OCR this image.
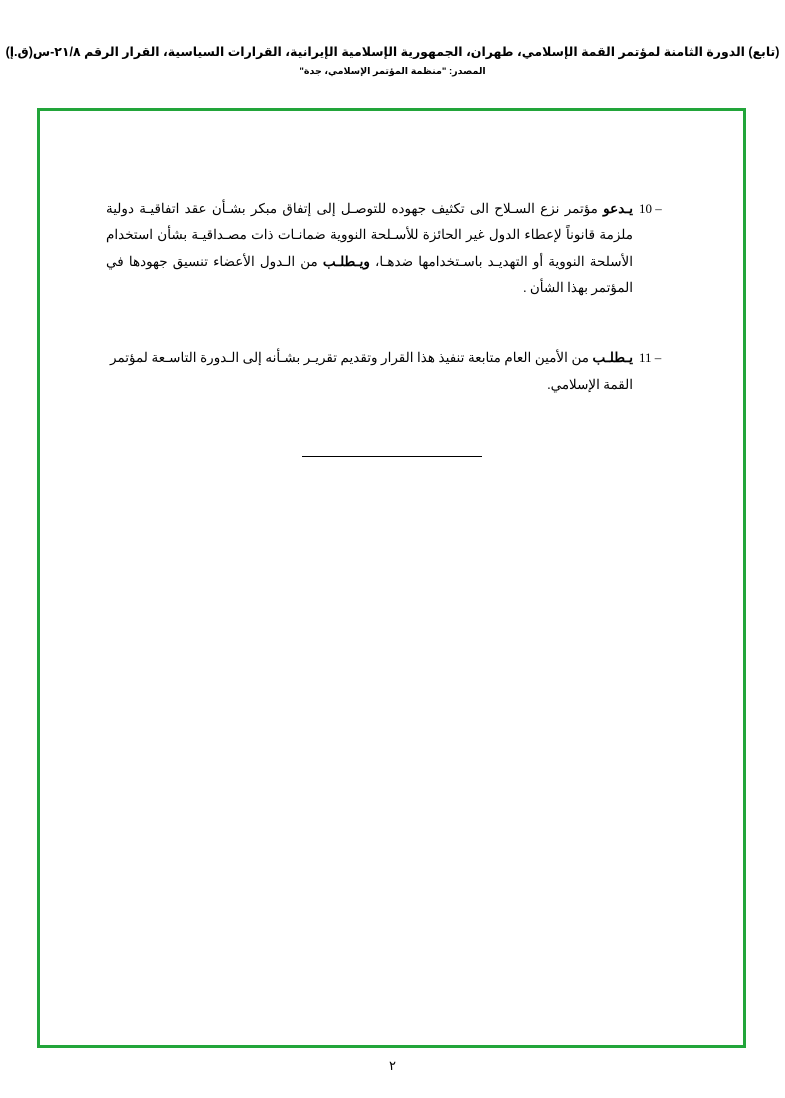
(تابع) الدورة الثامنة لمؤتمر القمة الإسلامي، طهران، الجمهورية الإسلامية الإيرانية، القرارات السياسية، القرار الرقم ٢١/٨-س(ق.إ)
المصدر: "منظمة المؤتمر الإسلامي، جدة"
10 –
يـدعو مؤتمر نزع السـلاح الى تكثيف جهوده للتوصـل إلى إتفاق مبكر بشـأن عقد اتفاقيـة دولية ملزمة قانوناً لإعطاء الدول غير الحائزة للأسـلحة النووية ضمانـات ذات مصـداقيـة بشأن استخدام الأسلحة النووية أو التهديـد باسـتخدامها ضدهـا، ويـطلـب من الـدول الأعضاء تنسيق جهودها في المؤتمر بهذا الشأن .
11 –
يـطلـب من الأمين العام متابعة تنفيذ هذا القرار وتقديم تقريـر بشـأنه إلى الـدورة التاسـعة لمؤتمر القمة الإسلامي.
٢
